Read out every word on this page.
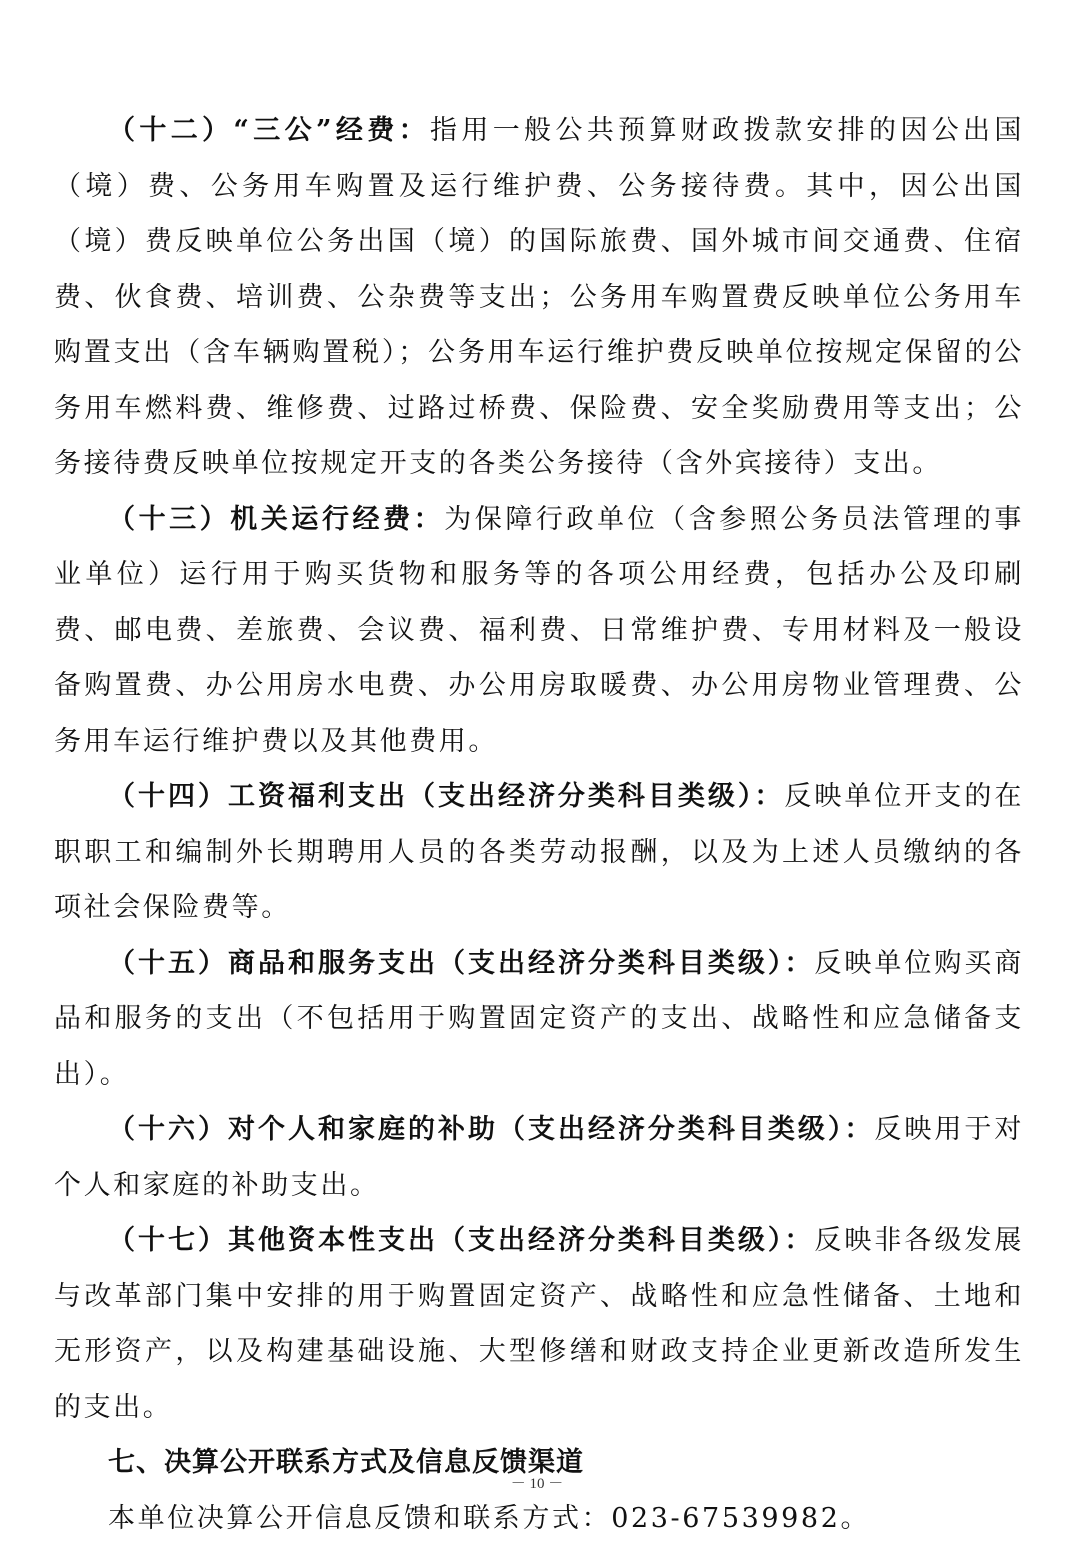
（十二）“三公”经费：指用一般公共预算财政拨款安排的因公出国（境）费、公务用车购置及运行维护费、公务接待费。其中，因公出国（境）费反映单位公务出国（境）的国际旅费、国外城市间交通费、住宿费、伙食费、培训费、公杂费等支出；公务用车购置费反映单位公务用车购置支出（含车辆购置税）；公务用车运行维护费反映单位按规定保留的公务用车燃料费、维修费、过路过桥费、保险费、安全奖励费用等支出；公务接待费反映单位按规定开支的各类公务接待（含外宾接待）支出。

（十三）机关运行经费：为保障行政单位（含参照公务员法管理的事业单位）运行用于购买货物和服务等的各项公用经费，包括办公及印刷费、邮电费、差旅费、会议费、福利费、日常维护费、专用材料及一般设备购置费、办公用房水电费、办公用房取暖费、办公用房物业管理费、公务用车运行维护费以及其他费用。

（十四）工资福利支出（支出经济分类科目类级）：反映单位开支的在职职工和编制外长期聘用人员的各类劳动报酬，以及为上述人员缴纳的各项社会保险费等。

（十五）商品和服务支出（支出经济分类科目类级）：反映单位购买商品和服务的支出（不包括用于购置固定资产的支出、战略性和应急储备支出）。

（十六）对个人和家庭的补助（支出经济分类科目类级）：反映用于对个人和家庭的补助支出。

（十七）其他资本性支出（支出经济分类科目类级）：反映非各级发展与改革部门集中安排的用于购置固定资产、战略性和应急性储备、土地和无形资产，以及构建基础设施、大型修缮和财政支持企业更新改造所发生的支出。

七、决算公开联系方式及信息反馈渠道

本单位决算公开信息反馈和联系方式：023-67539982。

－ 10 －
